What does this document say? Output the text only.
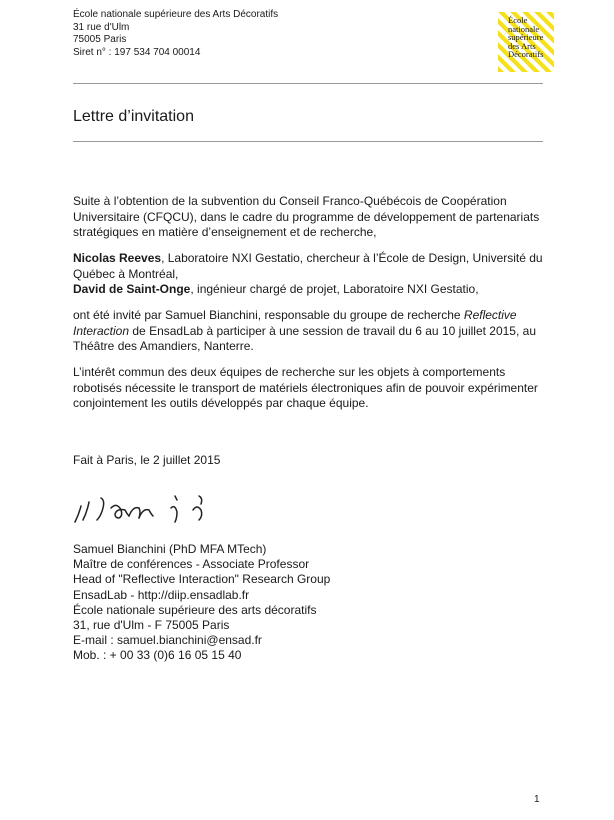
École nationale supérieure des Arts Décoratifs
31 rue d'Ulm
75005 Paris
Siret n° : 197 534 704 00014
École
nationale
supérieure
des Arts
Décoratifs
Lettre d’invitation

Suite à l’obtention de la subvention du Conseil Franco-Québécois de Coopération Universitaire (CFQCU), dans le cadre du programme de développement de partenariats stratégiques en matière d’enseignement et de recherche,

Nicolas Reeves, Laboratoire NXI Gestatio, chercheur à l’École de Design, Université du Québec à Montréal,

David de Saint-Onge, ingénieur chargé de projet, Laboratoire NXI Gestatio,

ont été invité par Samuel Bianchini, responsable du groupe de recherche Reflective Interaction de EnsadLab à participer à une session de travail du 6 au 10 juillet 2015, au Théâtre des Amandiers, Nanterre.

L’intérêt commun des deux équipes de recherche sur les objets à comportements robotisés nécessite le transport de matériels électroniques afin de pouvoir expérimenter conjointement les outils développés par chaque équipe.

Fait à Paris, le 2 juillet 2015

Samuel Bianchini (PhD MFA MTech)
Maître de conférences - Associate Professor
Head of "Reflective Interaction" Research Group
EnsadLab - http://diip.ensadlab.fr
École nationale supérieure des arts décoratifs
31, rue d'Ulm - F 75005 Paris
E-mail : samuel.bianchini@ensad.fr
Mob. : + 00 33 (0)6 16 05 15 40
1
